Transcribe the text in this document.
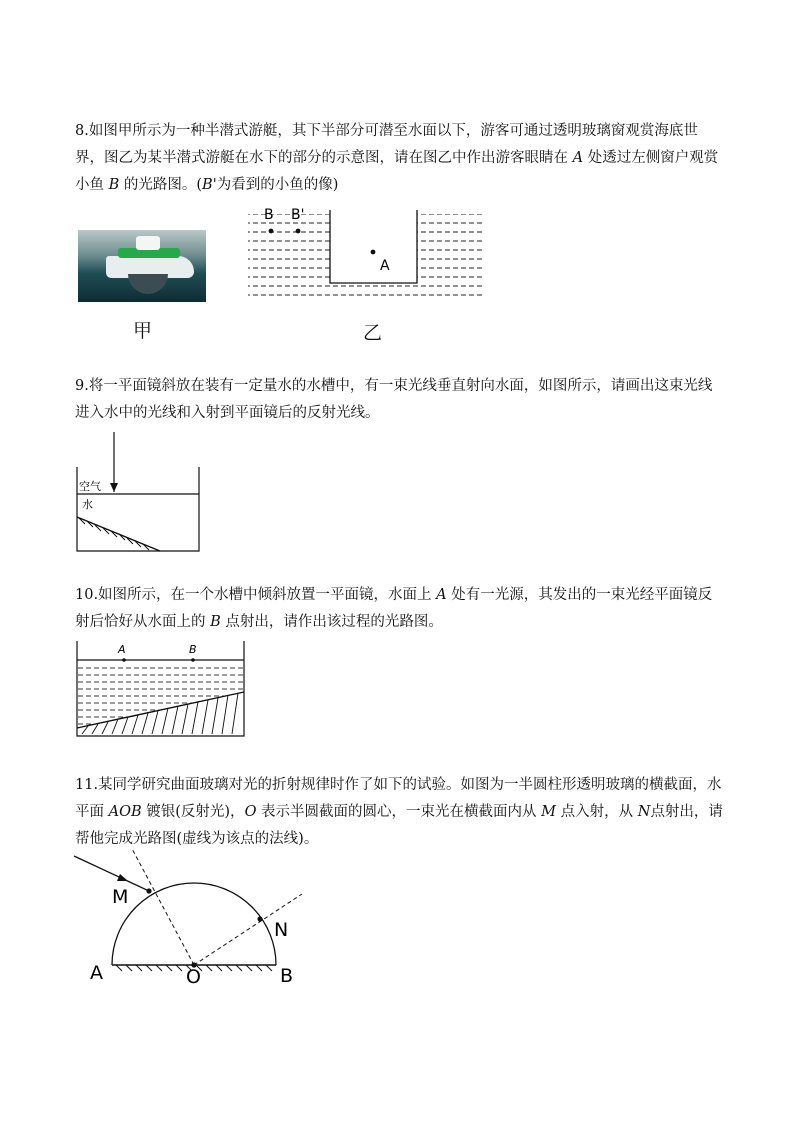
8.如图甲所示为一种半潜式游艇，其下半部分可潜至水面以下，游客可通过透明玻璃窗观赏海底世界，图乙为某半潜式游艇在水下的部分的示意图，请在图乙中作出游客眼睛在 A 处透过左侧窗户观赏小鱼 B 的光路图。(B'为看到的小鱼的像)
甲	乙
B B'
A
9.将一平面镜斜放在装有一定量水的水槽中，有一束光线垂直射向水面，如图所示，请画出这束光线进入水中的光线和入射到平面镜后的反射光线。
空气
水
10.如图所示，在一个水槽中倾斜放置一平面镜，水面上 A 处有一光源，其发出的一束光经平面镜反射后恰好从水面上的 B 点射出，请作出该过程的光路图。
A	B
11.某同学研究曲面玻璃对光的折射规律时作了如下的试验。如图为一半圆柱形透明玻璃的横截面，水平面 AOB 镀银(反射光)，O 表示半圆截面的圆心，一束光在横截面内从 M 点入射，从 N点射出，请帮他完成光路图(虚线为该点的法线)。
M
N
A	O	B
